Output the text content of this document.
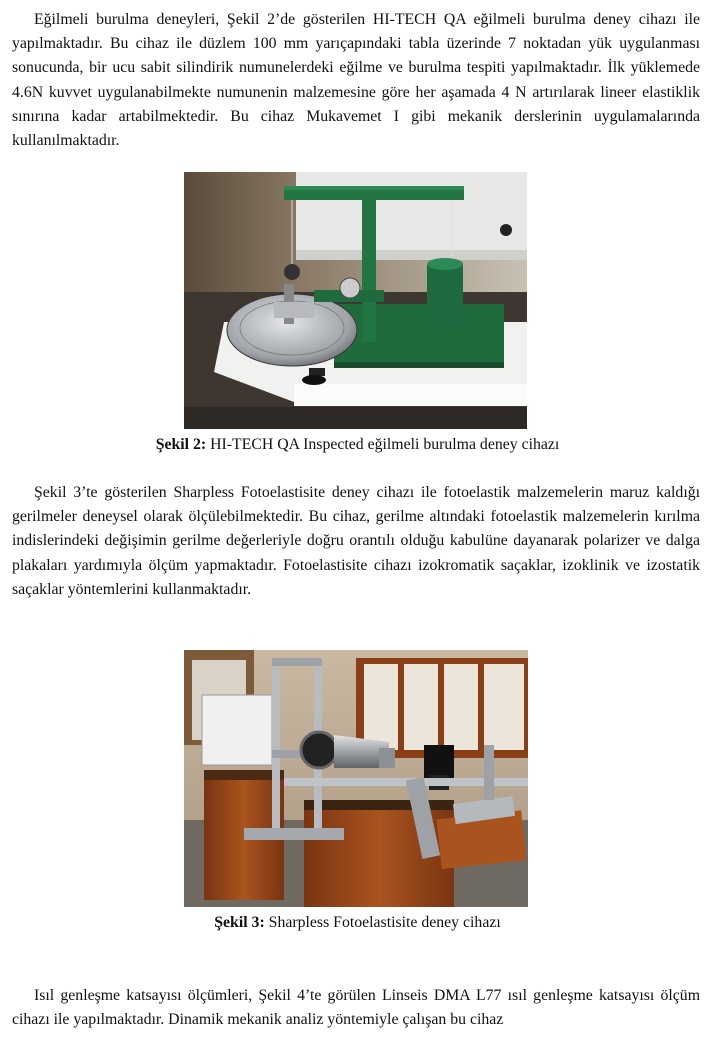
Eğilmeli burulma deneyleri, Şekil 2’de gösterilen HI-TECH QA eğilmeli burulma deney cihazı ile yapılmaktadır. Bu cihaz ile düzlem 100 mm yarıçapındaki tabla üzerinde 7 noktadan yük uygulanması sonucunda, bir ucu sabit silindirik numunelerdeki eğilme ve burulma tespiti yapılmaktadır. İlk yüklemede 4.6N kuvvet uygulanabilmekte numunenin malzemesine göre her aşamada 4 N artırılarak lineer elastiklik sınırına kadar artabilmektedir. Bu cihaz Mukavemet I gibi mekanik derslerinin uygulamalarında kullanılmaktadır.

Şekil 2: HI-TECH QA Inspected eğilmeli burulma deney cihazı

Şekil 3’te gösterilen Sharpless Fotoelastisite deney cihazı ile fotoelastik malzemelerin maruz kaldığı gerilmeler deneysel olarak ölçülebilmektedir. Bu cihaz, gerilme altındaki fotoelastik malzemelerin kırılma indislerindeki değişimin gerilme değerleriyle doğru orantılı olduğu kabulüne dayanarak polarizer ve dalga plakaları yardımıyla ölçüm yapmaktadır. Fotoelastisite cihazı izokromatik saçaklar, izoklinik ve izostatik saçaklar yöntemlerini kullanmaktadır.

Şekil 3: Sharpless Fotoelastisite deney cihazı

Isıl genleşme katsayısı ölçümleri, Şekil 4’te görülen Linseis DMA L77 ısıl genleşme katsayısı ölçüm cihazı ile yapılmaktadır. Dinamik mekanik analiz yöntemiyle çalışan bu cihaz
